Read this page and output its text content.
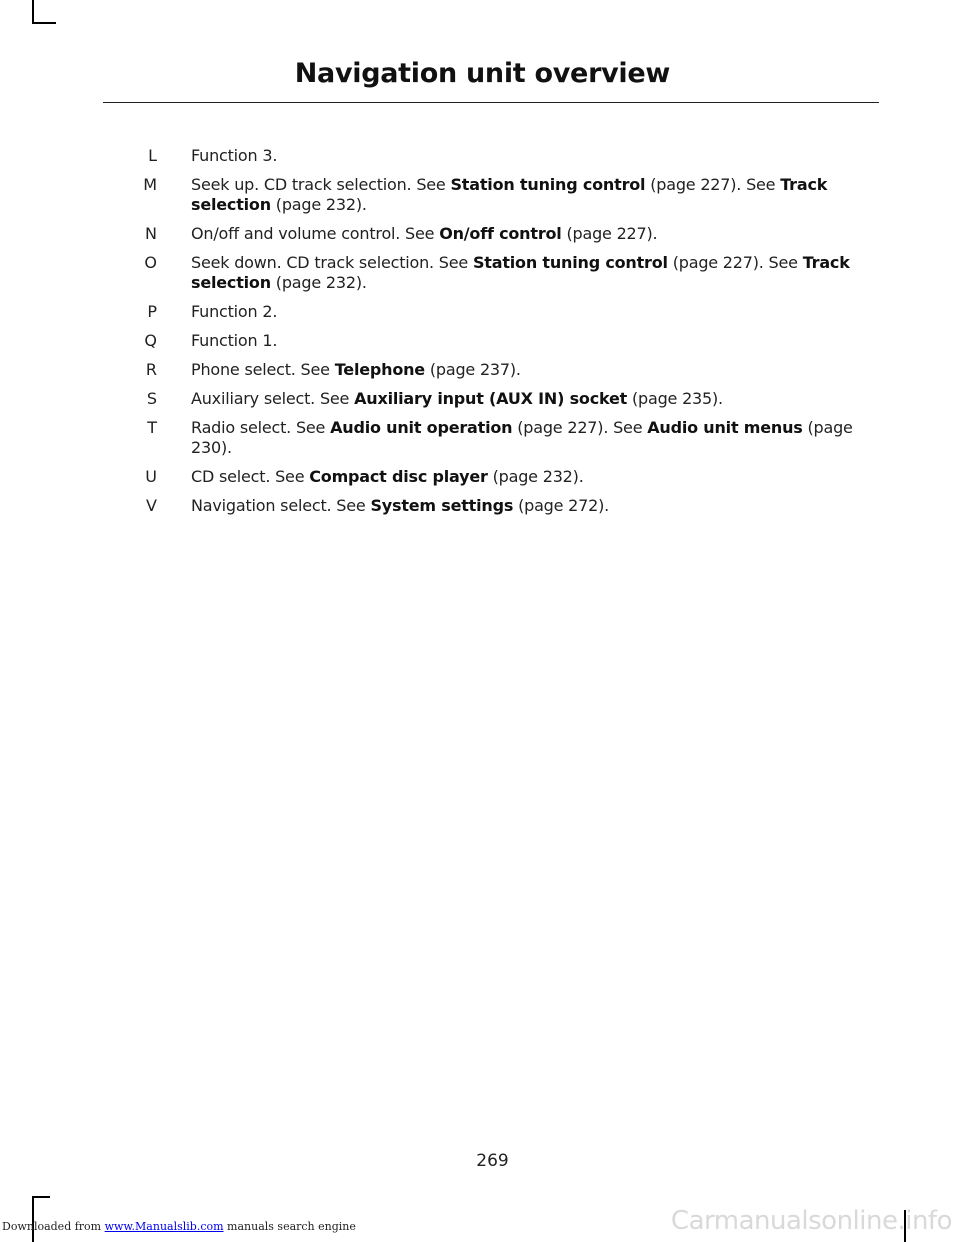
Navigation unit overview
L Function 3.
M Seek up. CD track selection. See Station tuning control (page 227). See Track selection (page 232).
N On/off and volume control. See On/off control (page 227).
O Seek down. CD track selection. See Station tuning control (page 227). See Track selection (page 232).
P Function 2.
Q Function 1.
R Phone select. See Telephone (page 237).
S Auxiliary select. See Auxiliary input (AUX IN) socket (page 235).
T Radio select. See Audio unit operation (page 227). See Audio unit menus (page 230).
U CD select. See Compact disc player (page 232).
V Navigation select. See System settings (page 272).
269
Downloaded from www.Manualslib.com manuals search engine	Carmanualsonline.info
